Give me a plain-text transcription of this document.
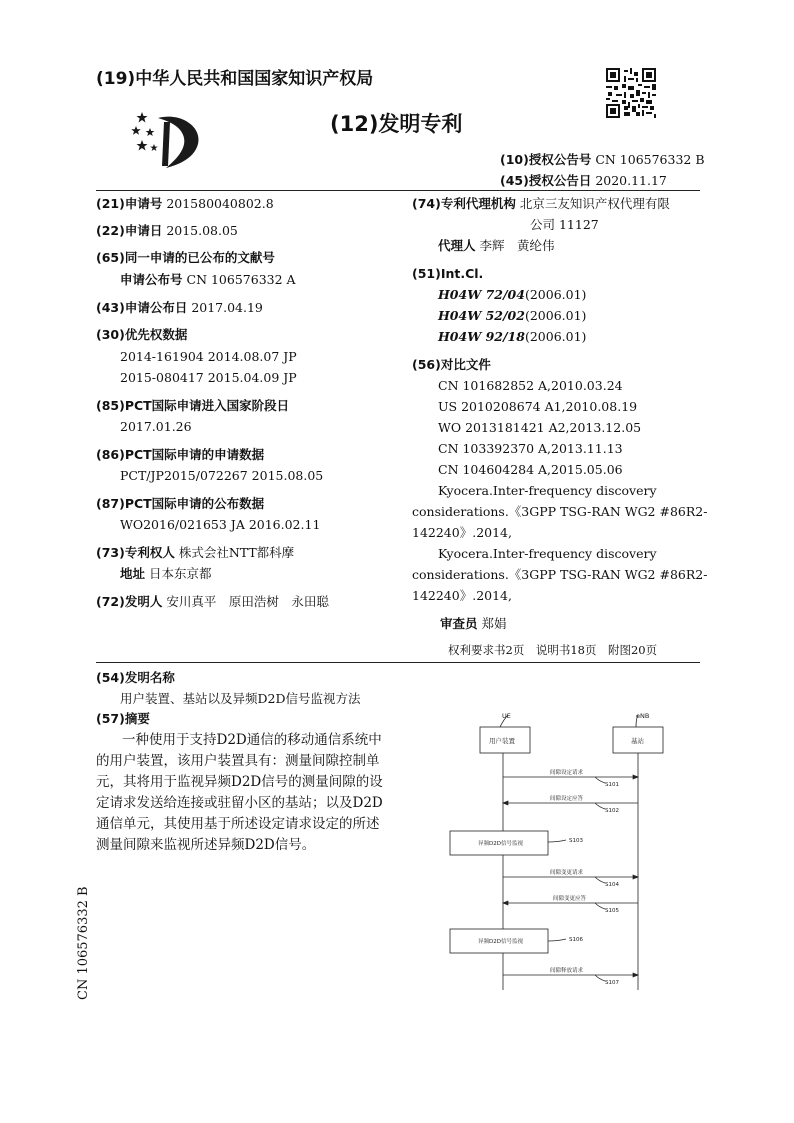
(19)中华人民共和国国家知识产权局
(12)发明专利
(10)授权公告号 CN 106576332 B
(45)授权公告日 2020.11.17
(21)申请号 201580040802.8
(22)申请日 2015.08.05
(65)同一申请的已公布的文献号
申请公布号 CN 106576332 A
(43)申请公布日 2017.04.19
(30)优先权数据
2014-161904 2014.08.07 JP
2015-080417 2015.04.09 JP
(85)PCT国际申请进入国家阶段日
2017.01.26
(86)PCT国际申请的申请数据
PCT/JP2015/072267 2015.08.05
(87)PCT国际申请的公布数据
WO2016/021653 JA 2016.02.11
(73)专利权人 株式会社NTT都科摩
地址 日本东京都
(72)发明人 安川真平　原田浩树　永田聪
(74)专利代理机构 北京三友知识产权代理有限
公司 11127
代理人 李辉　黄纶伟
(51)Int.Cl.
H04W 72/04(2006.01)
H04W 52/02(2006.01)
H04W 92/18(2006.01)
(56)对比文件
CN 101682852 A,2010.03.24
US 2010208674 A1,2010.08.19
WO 2013181421 A2,2013.12.05
CN 103392370 A,2013.11.13
CN 104604284 A,2015.05.06
Kyocera.Inter-frequency discovery
considerations.《3GPP TSG-RAN WG2 #86R2-
142240》.2014,
Kyocera.Inter-frequency discovery
considerations.《3GPP TSG-RAN WG2 #86R2-
142240》.2014,
审查员 郑娟
权利要求书2页　说明书18页　附图20页
(54)发明名称
用户装置、基站以及异频D2D信号监视方法
(57)摘要
一种使用于支持D2D通信的移动通信系统中
的用户装置，该用户装置具有：测量间隙控制单
元，其将用于监视异频D2D信号的测量间隙的设
定请求发送给连接或驻留小区的基站；以及D2D
通信单元，其使用基于所述设定请求设定的所述
测量间隙来监视所述异频D2D信号。
CN 106576332 B
UE	eNB
用户装置	基站
间隙设定请求
S101
间隙设定应答
S102
异频D2D信号监视	S103
间隙变更请求
S104
间隙变更应答
S105
异频D2D信号监视	S106
间隙释放请求
S107
